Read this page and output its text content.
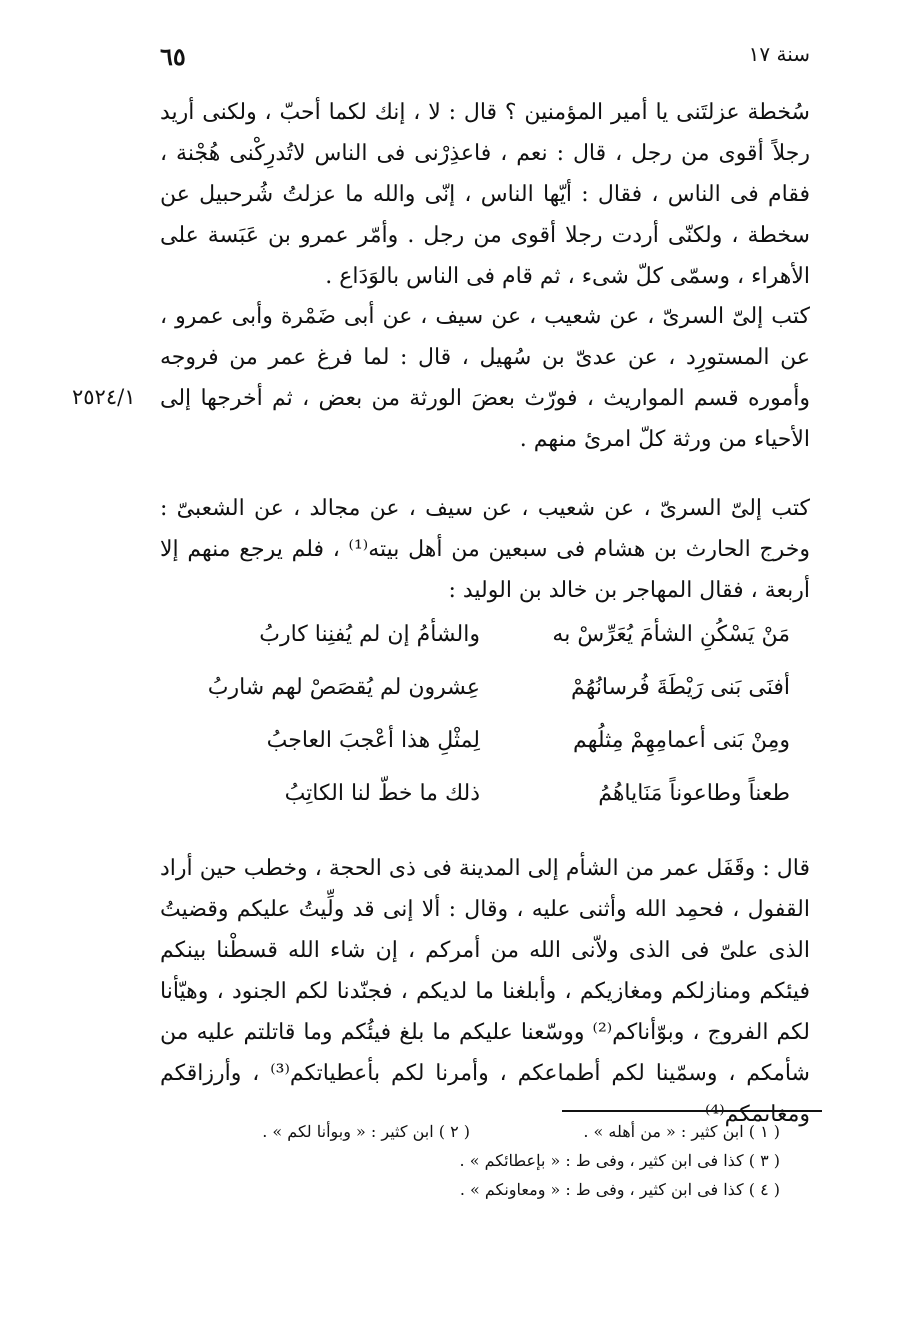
سنة ١٧
٦٥
٢٥٢٤/١

سُخطة عزلتَنى يا أمير المؤمنين ؟ قال : لا ، إنك لكما أحبّ ، ولكنى أريد رجلاً أقوى من رجل ، قال : نعم ، فاعذِرْنى فى الناس لاتُدرِكْنى هُجْنة ، فقام فى الناس ، فقال : أيّها الناس ، إنّى والله ما عزلتُ شُرحبيل عن سخطة ، ولكنّى أردت رجلا أقوى من رجل . وأمّر عمرو بن عَبَسة على الأهراء ، وسمّى كلّ شىء ، ثم قام فى الناس بالوَدَاع .

كتب إلىّ السرىّ ، عن شعيب ، عن سيف ، عن أبى ضَمْرة وأبى عمرو ، عن المستورِد ، عن عدىّ بن سُهيل ، قال : لما فرغ عمر من فروجه وأموره قسم المواريث ، فورّث بعضَ الورثة من بعض ، ثم أخرجها إلى الأحياء من ورثة كلّ امرئ منهم .

كتب إلىّ السرىّ ، عن شعيب ، عن سيف ، عن مجالد ، عن الشعبىّ : وخرج الحارث بن هشام فى سبعين من أهل بيته⁽¹⁾ ، فلم يرجع منهم إلا أربعة ، فقال المهاجر بن خالد بن الوليد :

مَنْ يَسْكُنِ الشأمَ يُعَرِّسْ به
والشأمُ إن لم يُفنِنا كاربُ
أفنَى بَنى رَيْطَةَ فُرسانُهُمْ
عِشرون لم يُقصَصْ لهم شاربُ
ومِنْ بَنى أعمامِهِمْ مِثلُهم
لِمثْلِ هذا أعْجبَ العاجبُ
طعناً وطاعوناً مَنَاياهُمُ
ذلك ما خطّ لنا الكاتِبُ

قال : وقَفَل عمر من الشأم إلى المدينة فى ذى الحجة ، وخطب حين أراد القفول ، فحمِد الله وأثنى عليه ، وقال : ألا إنى قد ولِّيتُ عليكم وقضيتُ الذى علىّ فى الذى ولاّنى الله من أمركم ، إن شاء الله قسطْنا بينكم فيئكم ومنازلكم ومغازيكم ، وأبلغنا ما لديكم ، فجنّدنا لكم الجنود ، وهيّأنا لكم الفروج ، وبوّأناكم⁽²⁾ ووسّعنا عليكم ما بلغ فيئُكم وما قاتلتم عليه من شأمكم ، وسمّينا لكم أطماعكم ، وأمرنا لكم بأعطياتكم⁽³⁾ ، وأرزاقكم ومغانمكم⁽⁴⁾

( ١ ) ابن كثير : « من أهله » .
( ٢ ) ابن كثير : « وبوأنا لكم » .
( ٣ ) كذا فى ابن كثير ، وفى ط : « بإعطائكم » .
( ٤ ) كذا فى ابن كثير ، وفى ط : « ومعاونكم » .
